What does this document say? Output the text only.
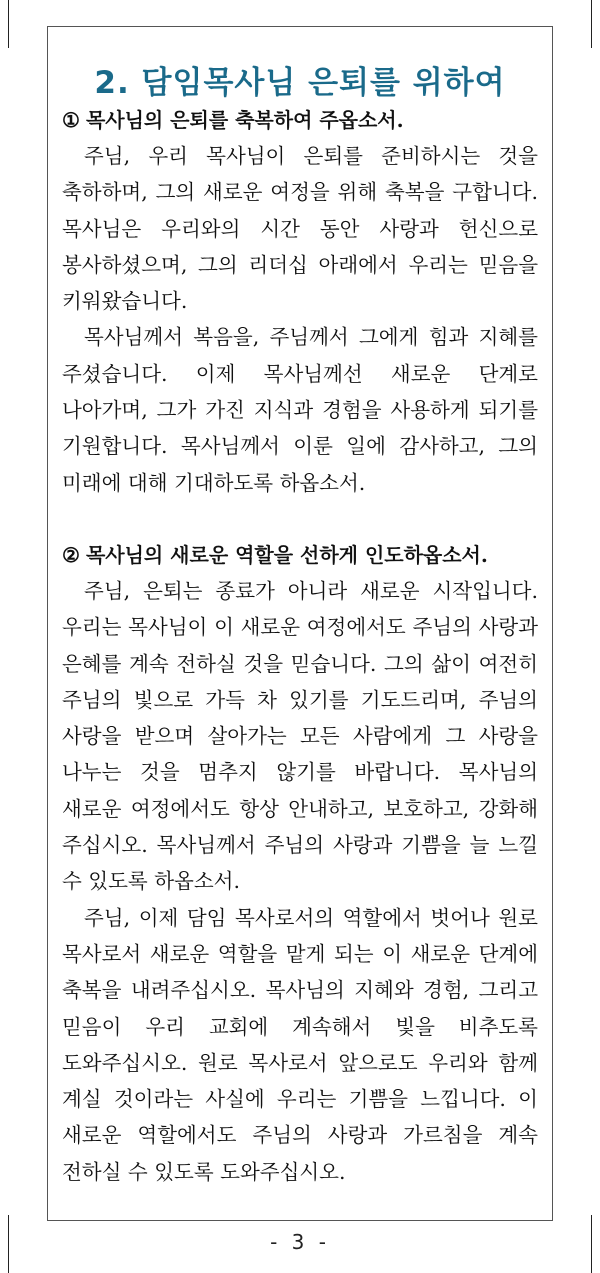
2. 담임목사님 은퇴를 위하여
① 목사님의 은퇴를 축복하여 주옵소서.

주님, 우리 목사님이 은퇴를 준비하시는 것을 축하하며, 그의 새로운 여정을 위해 축복을 구합니다. 목사님은 우리와의 시간 동안 사랑과 헌신으로 봉사하셨으며, 그의 리더십 아래에서 우리는 믿음을 키워왔습니다.

목사님께서 복음을, 주님께서 그에게 힘과 지혜를 주셨습니다. 이제 목사님께선 새로운 단계로 나아가며, 그가 가진 지식과 경험을 사용하게 되기를 기원합니다. 목사님께서 이룬 일에 감사하고, 그의 미래에 대해 기대하도록 하옵소서.

② 목사님의 새로운 역할을 선하게 인도하옵소서.

주님, 은퇴는 종료가 아니라 새로운 시작입니다. 우리는 목사님이 이 새로운 여정에서도 주님의 사랑과 은혜를 계속 전하실 것을 믿습니다. 그의 삶이 여전히 주님의 빛으로 가득 차 있기를 기도드리며, 주님의 사랑을 받으며 살아가는 모든 사람에게 그 사랑을 나누는 것을 멈추지 않기를 바랍니다. 목사님의 새로운 여정에서도 항상 안내하고, 보호하고, 강화해 주십시오. 목사님께서 주님의 사랑과 기쁨을 늘 느낄 수 있도록 하옵소서.

주님, 이제 담임 목사로서의 역할에서 벗어나 원로 목사로서 새로운 역할을 맡게 되는 이 새로운 단계에 축복을 내려주십시오. 목사님의 지혜와 경험, 그리고 믿음이 우리 교회에 계속해서 빛을 비추도록 도와주십시오. 원로 목사로서 앞으로도 우리와 함께 계실 것이라는 사실에 우리는 기쁨을 느낍니다. 이 새로운 역할에서도 주님의 사랑과 가르침을 계속 전하실 수 있도록 도와주십시오.

- 3 -
